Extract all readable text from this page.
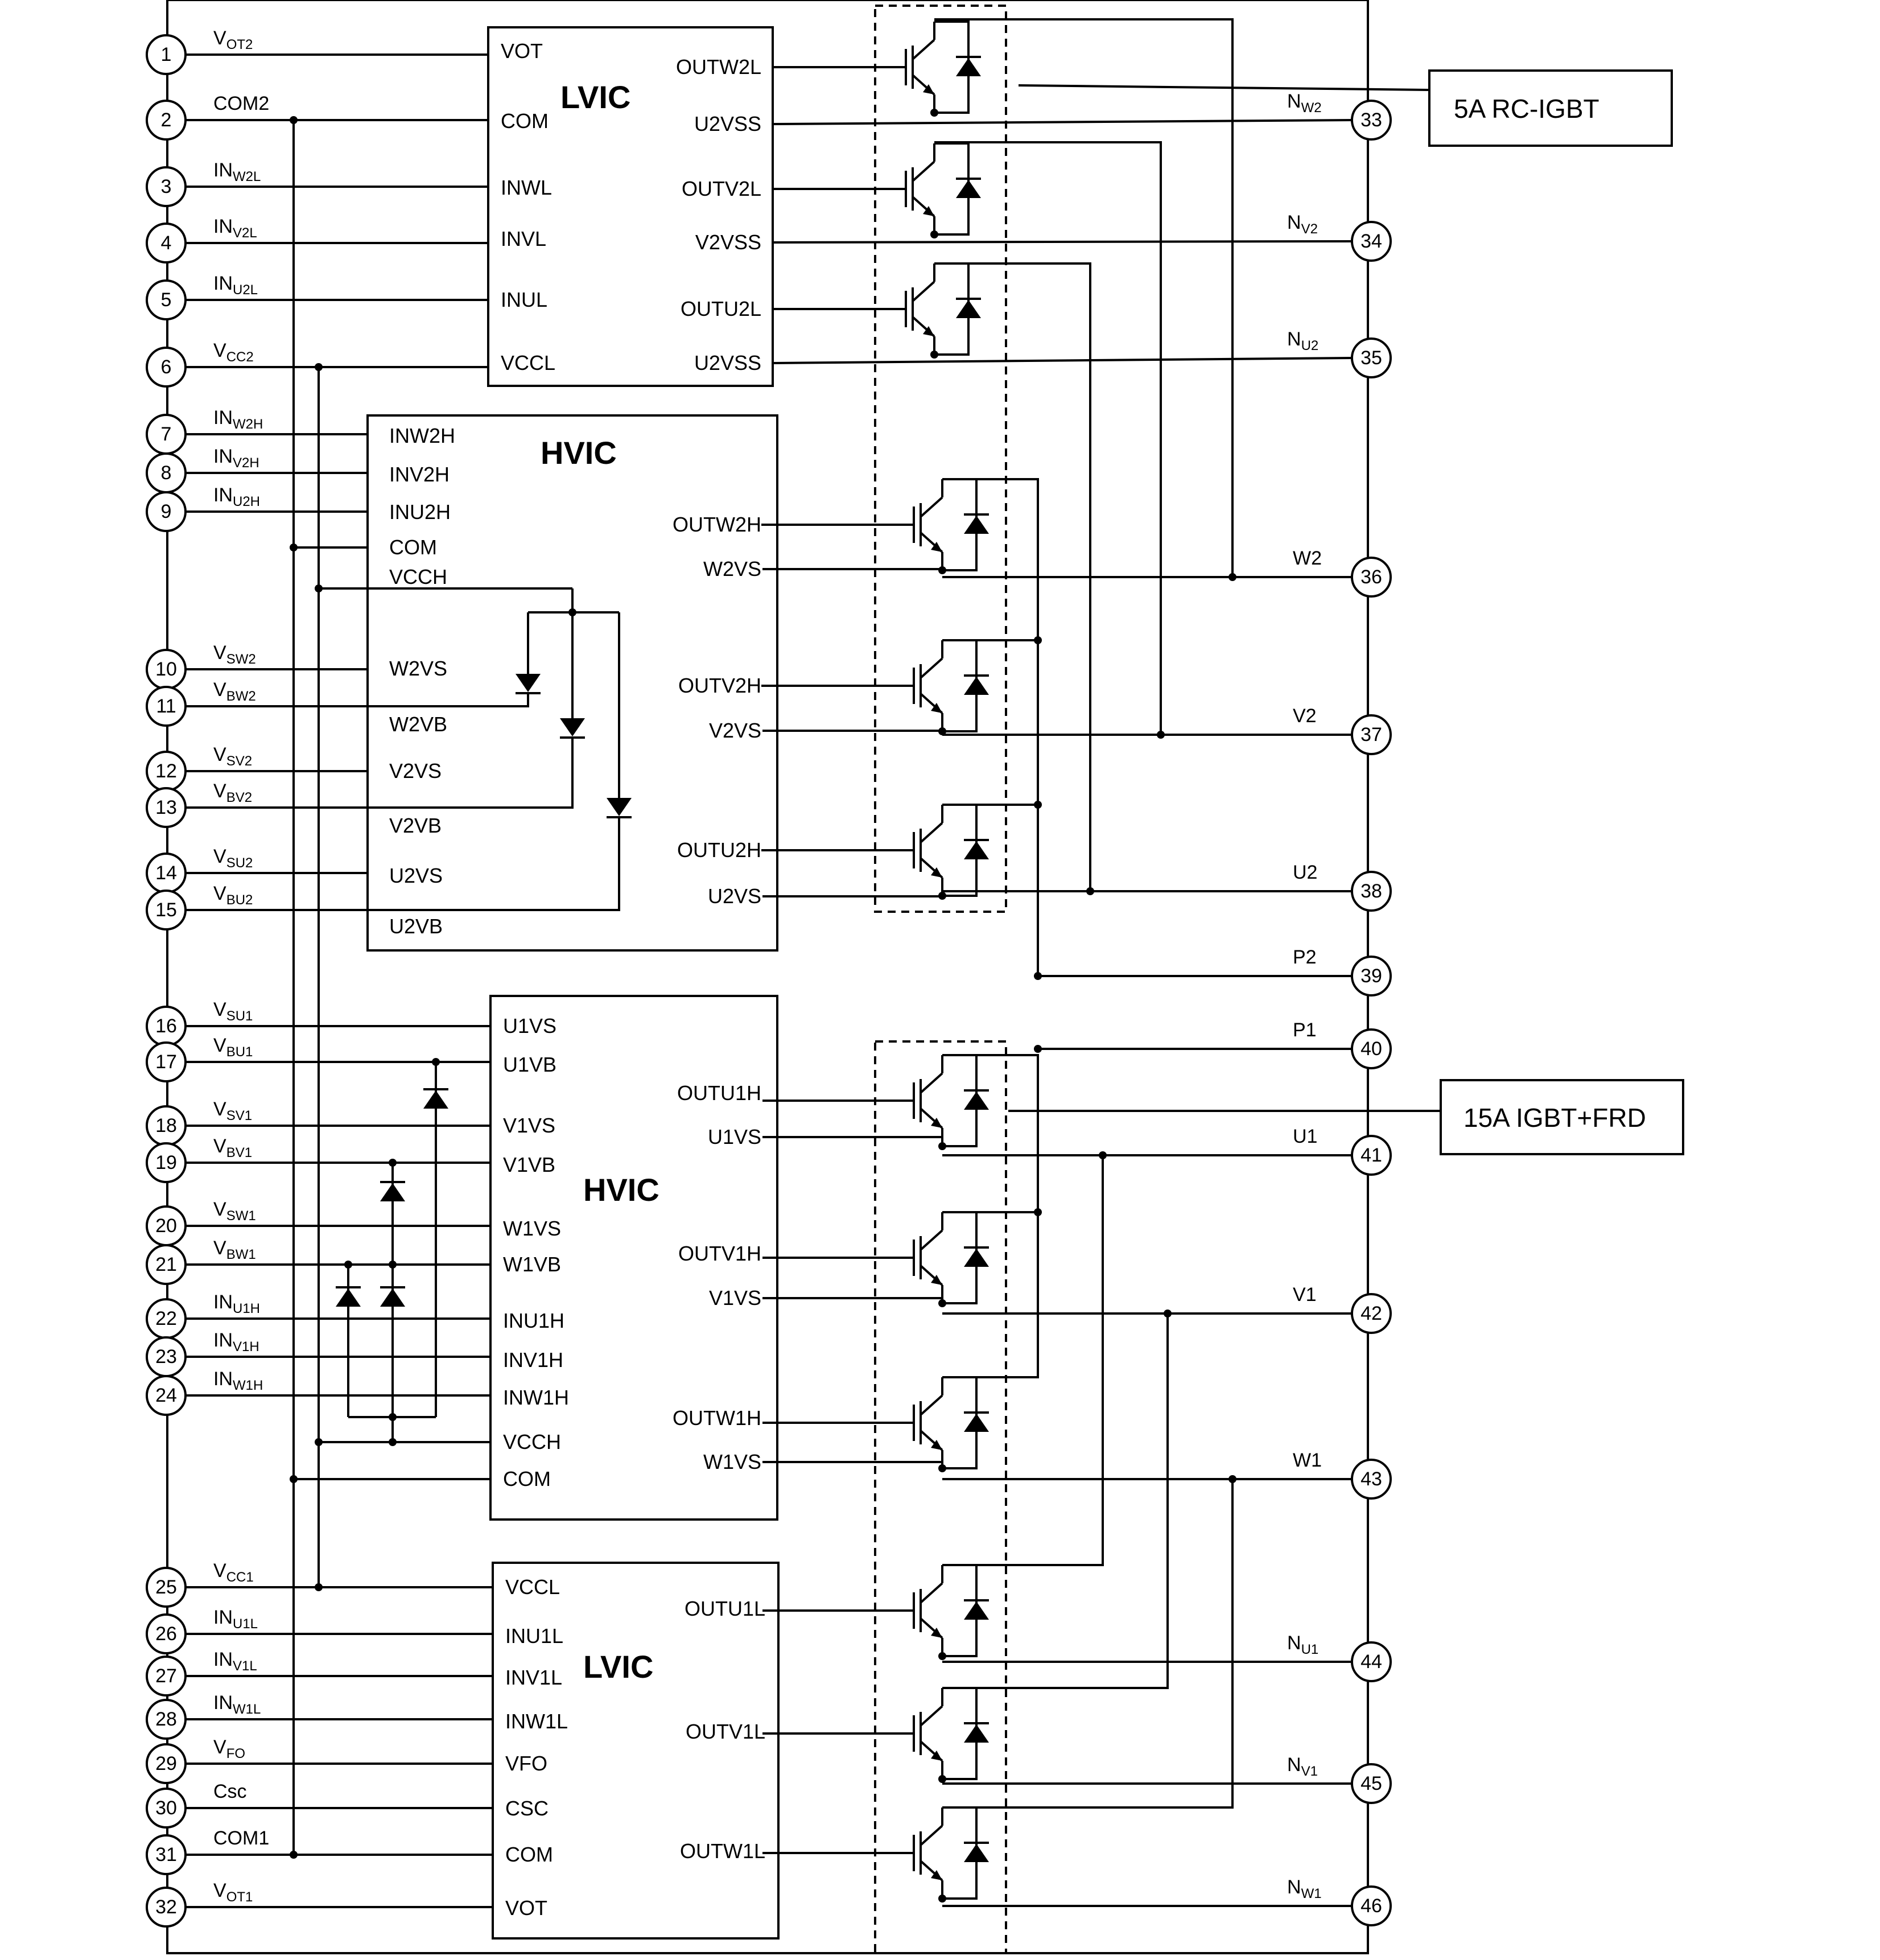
LVIC
VOT
COM
INWL
INVL
INUL
VCCL
OUTW2L
U2VSS
OUTV2L
V2VSS
OUTU2L
U2VSS
HVIC
INW2H
INV2H
INU2H
COM
VCCH
W2VS
W2VB
V2VS
V2VB
U2VS
U2VB
OUTW2H
W2VS
OUTV2H
V2VS
OUTU2H
U2VS
HVIC
U1VS
U1VB
V1VS
V1VB
W1VS
W1VB
INU1H
INV1H
INW1H
VCCH
COM
OUTU1H
U1VS
OUTV1H
V1VS
OUTW1H
W1VS
LVIC
VCCL
INU1L
INV1L
INW1L
VFO
CSC
COM
VOT
OUTU1L
OUTV1L
OUTW1L
1
$V_{OT2}$
2
COM2
3
$IN_{W2L}$
4
$IN_{V2L}$
5
$IN_{U2L}$
6
$V_{CC2}$
7
$IN_{W2H}$
8
$IN_{V2H}$
9
$IN_{U2H}$
10
$V_{SW2}$
11
$V_{BW2}$
12
$V_{SV2}$
13
$V_{BV2}$
14
$V_{SU2}$
15
$V_{BU2}$
16
$V_{SU1}$
17
$V_{BU1}$
18
$V_{SV1}$
19
$V_{BV1}$
20
$V_{SW1}$
21
$V_{BW1}$
22
$IN_{U1H}$
23
$IN_{V1H}$
24
$IN_{W1H}$
25
$V_{CC1}$
26
$IN_{U1L}$
27
$IN_{V1L}$
28
$IN_{W1L}$
29
$V_{FO}$
30
Csc
31
COM1
32
$V_{OT1}$
33
$N_{W2}$
34
$N_{V2}$
35
$N_{U2}$
36
W2
37
V2
38
U2
39
P2
40
P1
41
U1
42
V1
43
W1
44
$N_{U1}$
45
$N_{V1}$
46
$N_{W1}$
5A RC-IGBT
15A IGBT+FRD
